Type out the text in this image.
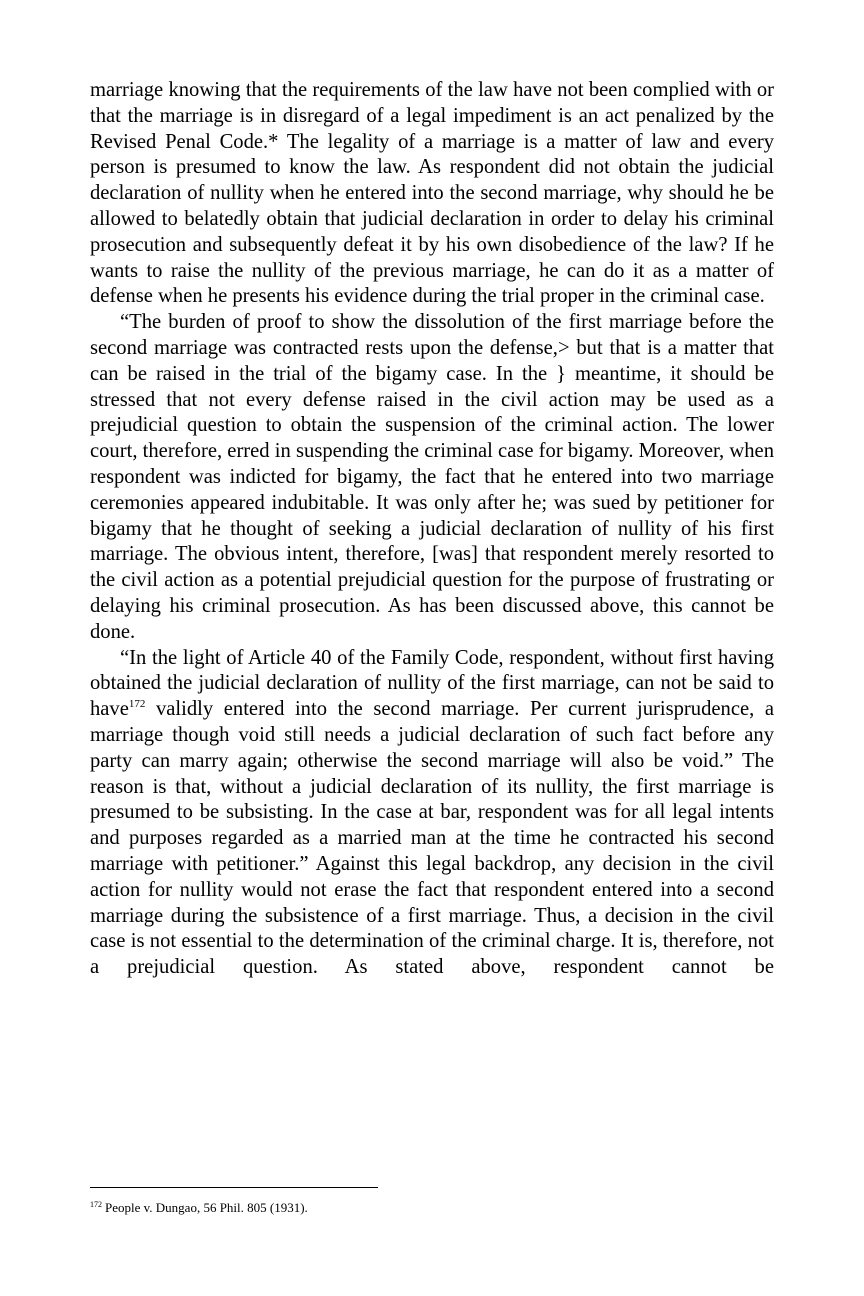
marriage knowing that the requirements of the law have not been complied with or that the marriage is in disregard of a legal impediment is an act penalized by the Revised Penal Code.* The legality of a marriage is a matter of law and every person is presumed to know the law. As respondent did not obtain the judicial declaration of nullity when he entered into the second marriage, why should he be allowed to belatedly obtain that judicial declaration in order to delay his criminal prosecution and subsequently defeat it by his own disobedience of the law? If he wants to raise the nullity of the previous marriage, he can do it as a matter of defense when he presents his evidence during the trial proper in the criminal case.

“The burden of proof to show the dissolution of the first marriage before the second marriage was contracted rests upon the defense,> but that is a matter that can be raised in the trial of the bigamy case. In the } meantime, it should be stressed that not every defense raised in the civil action may be used as a prejudicial question to obtain the suspension of the criminal action. The lower court, therefore, erred in suspending the criminal case for bigamy. Moreover, when respondent was indicted for bigamy, the fact that he entered into two marriage ceremonies appeared indubitable. It was only after he; was sued by petitioner for bigamy that he thought of seeking a judicial declaration of nullity of his first marriage. The obvious intent, therefore, [was] that respondent merely resorted to the civil action as a potential prejudicial question for the purpose of frustrating or delaying his criminal prosecution. As has been discussed above, this cannot be done.

“In the light of Article 40 of the Family Code, respondent, without first having obtained the judicial declaration of nullity of the first marriage, can not be said to have$^{172}$ validly entered into the second marriage. Per current jurisprudence, a marriage though void still needs a judicial declaration of such fact before any party can marry again; otherwise the second marriage will also be void.” The reason is that, without a judicial declaration of its nullity, the first marriage is presumed to be subsisting. In the case at bar, respondent was for all legal intents and purposes regarded as a married man at the time he contracted his second marriage with petitioner.” Against this legal backdrop, any decision in the civil action for nullity would not erase the fact that respondent entered into a second marriage during the subsistence of a first marriage. Thus, a decision in the civil case is not essential to the determination of the criminal charge. It is, therefore, not a prejudicial question. As stated above, respondent cannot be

$^{172}$ People v. Dungao, 56 Phil. 805 (1931).
